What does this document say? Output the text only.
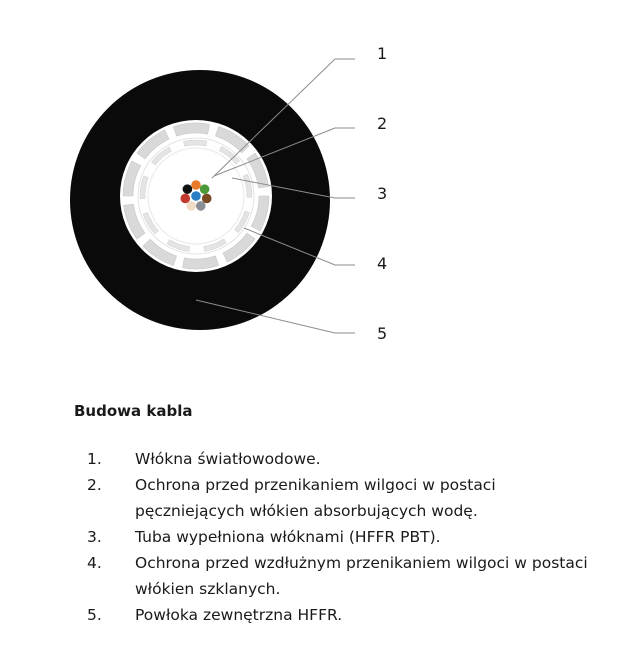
1
2
3
4
5
Budowa kabla
1.	Włókna światłowodowe.
2.	Ochrona przed przenikaniem wilgoci w postaci pęczniejących włókien absorbujących wodę.
3.	Tuba wypełniona włóknami (HFFR PBT).
4.	Ochrona przed wzdłużnym przenikaniem wilgoci w postaci włókien szklanych.
5.	Powłoka zewnętrzna HFFR.
